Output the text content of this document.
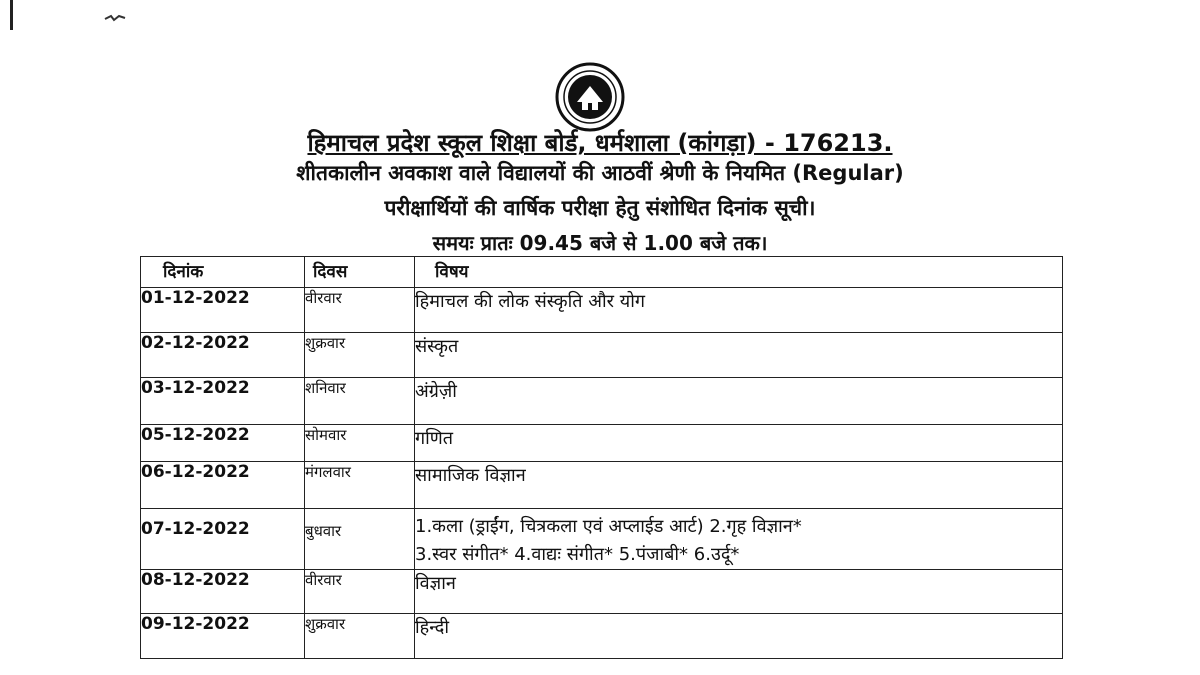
हिमाचल प्रदेश स्कूल शिक्षा बोर्ड, धर्मशाला (कांगड़ा) - 176213.
शीतकालीन अवकाश वाले विद्यालयों की आठवीं श्रेणी के नियमित (Regular)
परीक्षार्थियों की वार्षिक परीक्षा हेतु संशोधित दिनांक सूची।
समयः प्रातः 09.45 बजे से 1.00 बजे तक।
दिनांक	दिवस	विषय
01-12-2022	वीरवार	हिमाचल की लोक संस्कृति और योग
02-12-2022	शुक्रवार	संस्कृत
03-12-2022	शनिवार	अंग्रेज़ी
05-12-2022	सोमवार	गणित
06-12-2022	मंगलवार	सामाजिक विज्ञान
07-12-2022	बुधवार	1.कला (ड्राईंग, चित्रकला एवं अप्लाईड आर्ट) 2.गृह विज्ञान*
3.स्वर संगीत* 4.वाद्यः संगीत* 5.पंजाबी* 6.उर्दू*

08-12-2022	वीरवार	विज्ञान
09-12-2022	शुक्रवार	हिन्दी
